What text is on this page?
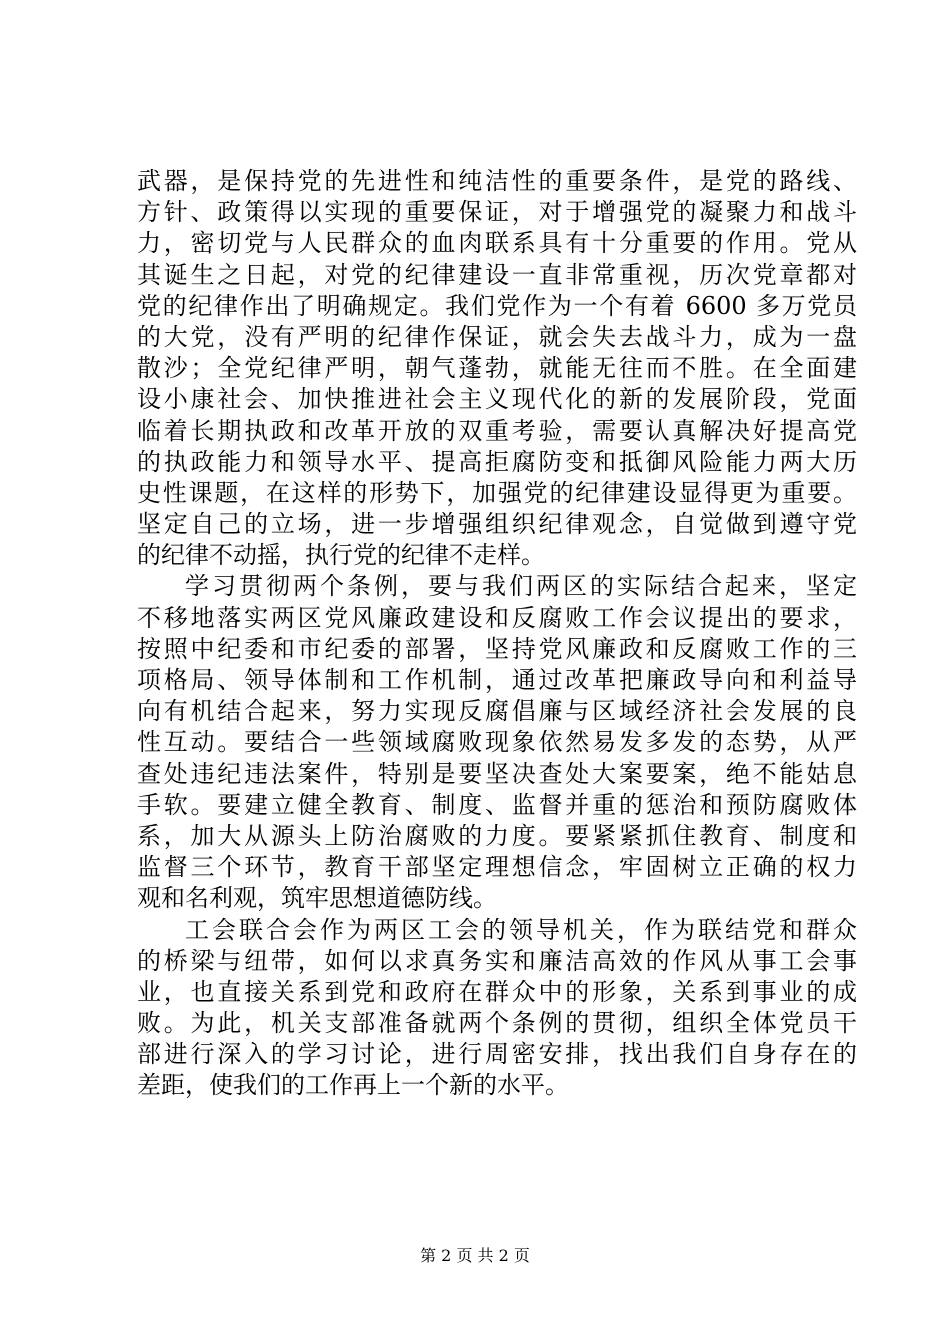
武器，是保持党的先进性和纯洁性的重要条件，是党的路线、
方针、政策得以实现的重要保证，对于增强党的凝聚力和战斗
力，密切党与人民群众的血肉联系具有十分重要的作用。党从
其诞生之日起，对党的纪律建设一直非常重视，历次党章都对
党的纪律作出了明确规定。我们党作为一个有着 6600 多万党员
的大党，没有严明的纪律作保证，就会失去战斗力，成为一盘
散沙；全党纪律严明，朝气蓬勃，就能无往而不胜。在全面建
设小康社会、加快推进社会主义现代化的新的发展阶段，党面
临着长期执政和改革开放的双重考验，需要认真解决好提高党
的执政能力和领导水平、提高拒腐防变和抵御风险能力两大历
史性课题，在这样的形势下，加强党的纪律建设显得更为重要。
坚定自己的立场，进一步增强组织纪律观念，自觉做到遵守党
的纪律不动摇，执行党的纪律不走样。
学习贯彻两个条例，要与我们两区的实际结合起来，坚定
不移地落实两区党风廉政建设和反腐败工作会议提出的要求，
按照中纪委和市纪委的部署，坚持党风廉政和反腐败工作的三
项格局、领导体制和工作机制，通过改革把廉政导向和利益导
向有机结合起来，努力实现反腐倡廉与区域经济社会发展的良
性互动。要结合一些领域腐败现象依然易发多发的态势，从严
查处违纪违法案件，特别是要坚决查处大案要案，绝不能姑息
手软。要建立健全教育、制度、监督并重的惩治和预防腐败体
系，加大从源头上防治腐败的力度。要紧紧抓住教育、制度和
监督三个环节，教育干部坚定理想信念，牢固树立正确的权力
观和名利观，筑牢思想道德防线。
工会联合会作为两区工会的领导机关，作为联结党和群众
的桥梁与纽带，如何以求真务实和廉洁高效的作风从事工会事
业，也直接关系到党和政府在群众中的形象，关系到事业的成
败。为此，机关支部准备就两个条例的贯彻，组织全体党员干
部进行深入的学习讨论，进行周密安排，找出我们自身存在的
差距，使我们的工作再上一个新的水平。
第 2 页 共 2 页
